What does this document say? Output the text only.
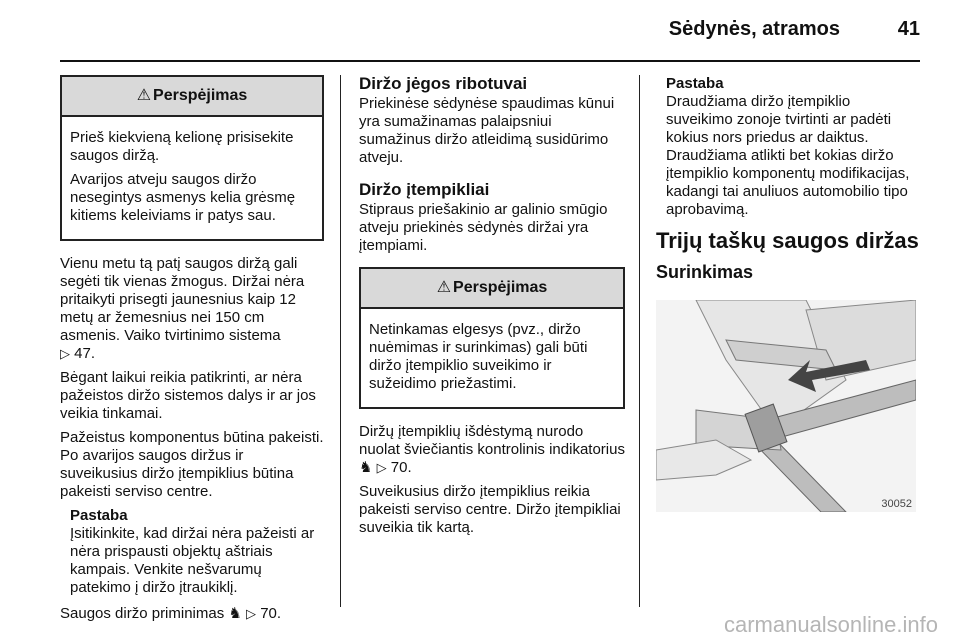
Sėdynės, atramos	41
⚠ Perspėjimas

Prieš kiekvieną kelionę prisisekite saugos diržą.

Avarijos atveju saugos diržo nesegintys asmenys kelia grėsmę kitiems keleiviams ir patys sau.

Vienu metu tą patį saugos diržą gali segėti tik vienas žmogus. Diržai nėra pritaikyti prisegti jaunesnius kaip 12 metų ar žemesnius nei 150 cm asmenis. Vaiko tvirtinimo sistema
▷ 47.

Bėgant laikui reikia patikrinti, ar nėra pažeistos diržo sistemos dalys ir ar jos veikia tinkamai.

Pažeistus komponentus būtina pakeisti. Po avarijos saugos diržus ir suveikusius diržo įtempiklius būtina pakeisti serviso centre.

Pastaba
Įsitikinkite, kad diržai nėra pažeisti ar nėra prispausti objektų aštriais kampais. Venkite nešvarumų patekimo į diržo įtraukiklį.

Saugos diržo priminimas ♞ ▷ 70.

Diržo jėgos ribotuvai

Priekinėse sėdynėse spaudimas kūnui yra sumažinamas palaipsniui sumažinus diržo atleidimą susidūrimo atveju.

Diržo įtempikliai

Stipraus priešakinio ar galinio smūgio atveju priekinės sėdynės diržai yra įtempiami.

⚠ Perspėjimas

Netinkamas elgesys (pvz., diržo nuėmimas ir surinkimas) gali būti diržo įtempiklio suveikimo ir sužeidimo priežastimi.

Diržų įtempiklių išdėstymą nurodo nuolat šviečiantis kontrolinis indikatorius ♞ ▷ 70.

Suveikusius diržo įtempiklius reikia pakeisti serviso centre. Diržo įtempikliai suveikia tik kartą.

Pastaba
Draudžiama diržo įtempiklio suveikimo zonoje tvirtinti ar padėti kokius nors priedus ar daiktus. Draudžiama atlikti bet kokias diržo įtempiklio komponentų modifikacijas, kadangi tai anuliuos automobilio tipo aprobavimą.
Trijų taškų saugos diržas
Surinkimas
30052
carmanualsonline.info
